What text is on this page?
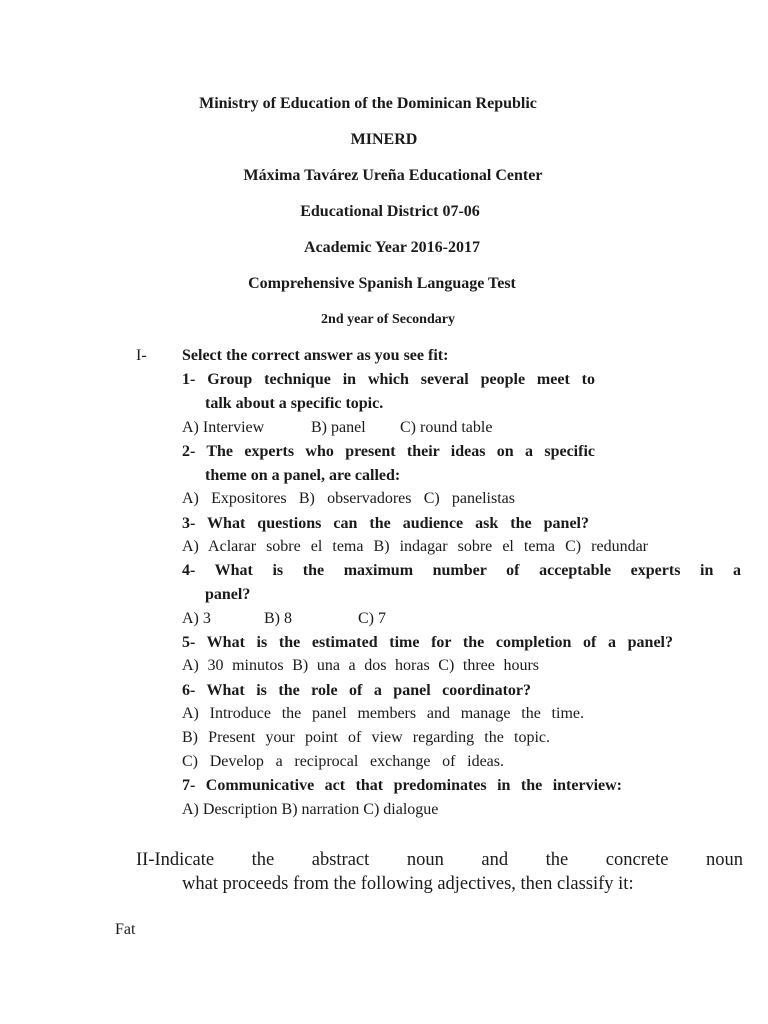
Ministry of Education of the Dominican Republic
MINERD
Máxima Tavárez Ureña Educational Center
Educational District 07-06
Academic Year 2016-2017
Comprehensive Spanish Language Test
2nd year of Secondary
I- Select the correct answer as you see fit:
1- Group technique in which several people meet to
talk about a specific topic.
A) Interview	B) panel C) round table
2- The experts who present their ideas on a specific
theme on a panel, are called:
A) Expositores B) observadores C) panelistas
3- What questions can the audience ask the panel?
A) Aclarar sobre el tema B) indagar sobre el tema C) redundar
4- What is the maximum number of acceptable experts in a
panel?
A) 3	B) 8	C) 7
5- What is the estimated time for the completion of a panel?
A) 30 minutos B) una a dos horas C) three hours
6- What is the role of a panel coordinator?
A) Introduce the panel members and manage the time.
B) Present your point of view regarding the topic.
C) Develop a reciprocal exchange of ideas.
7- Communicative act that predominates in the interview:
A) Description B) narration C) dialogue
II-Indicate the abstract noun and the concrete noun
what proceeds from the following adjectives, then classify it:
Fat
